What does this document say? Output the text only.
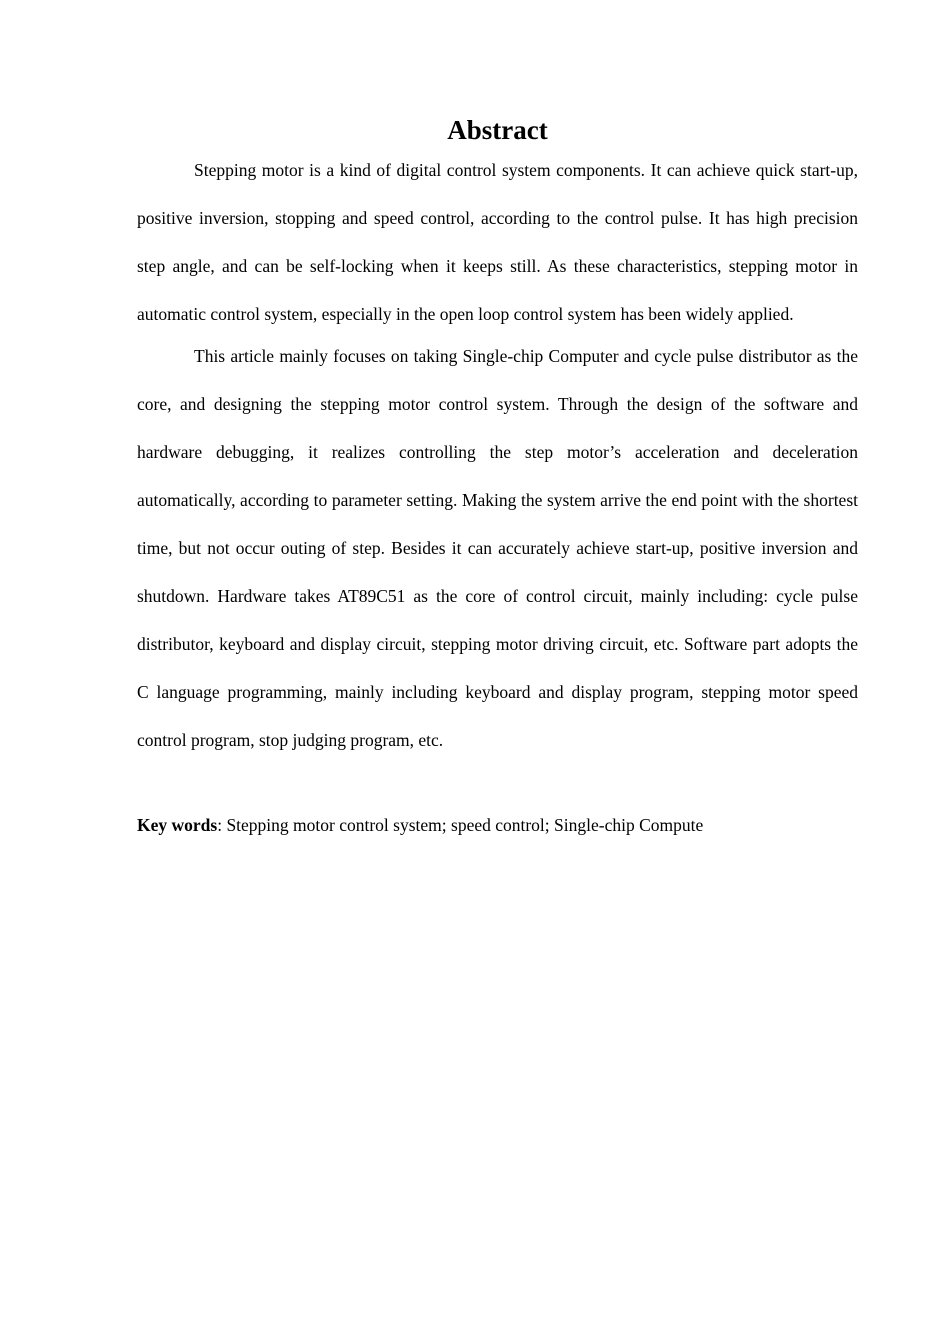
Abstract

Stepping motor is a kind of digital control system components. It can achieve quick start-up, positive inversion, stopping and speed control, according to the control pulse. It has high precision step angle, and can be self-locking when it keeps still. As these characteristics, stepping motor in automatic control system, especially in the open loop control system has been widely applied.

This article mainly focuses on taking Single-chip Computer and cycle pulse distributor as the core, and designing the stepping motor control system. Through the design of the software and hardware debugging, it realizes controlling the step motor’s acceleration and deceleration automatically, according to parameter setting. Making the system arrive the end point with the shortest time, but not occur outing of step. Besides it can accurately achieve start-up, positive inversion and shutdown. Hardware takes AT89C51 as the core of control circuit, mainly including: cycle pulse distributor, keyboard and display circuit, stepping motor driving circuit, etc. Software part adopts the C language programming, mainly including keyboard and display program, stepping motor speed control program, stop judging program, etc.

Key words: Stepping motor control system; speed control; Single-chip Compute
